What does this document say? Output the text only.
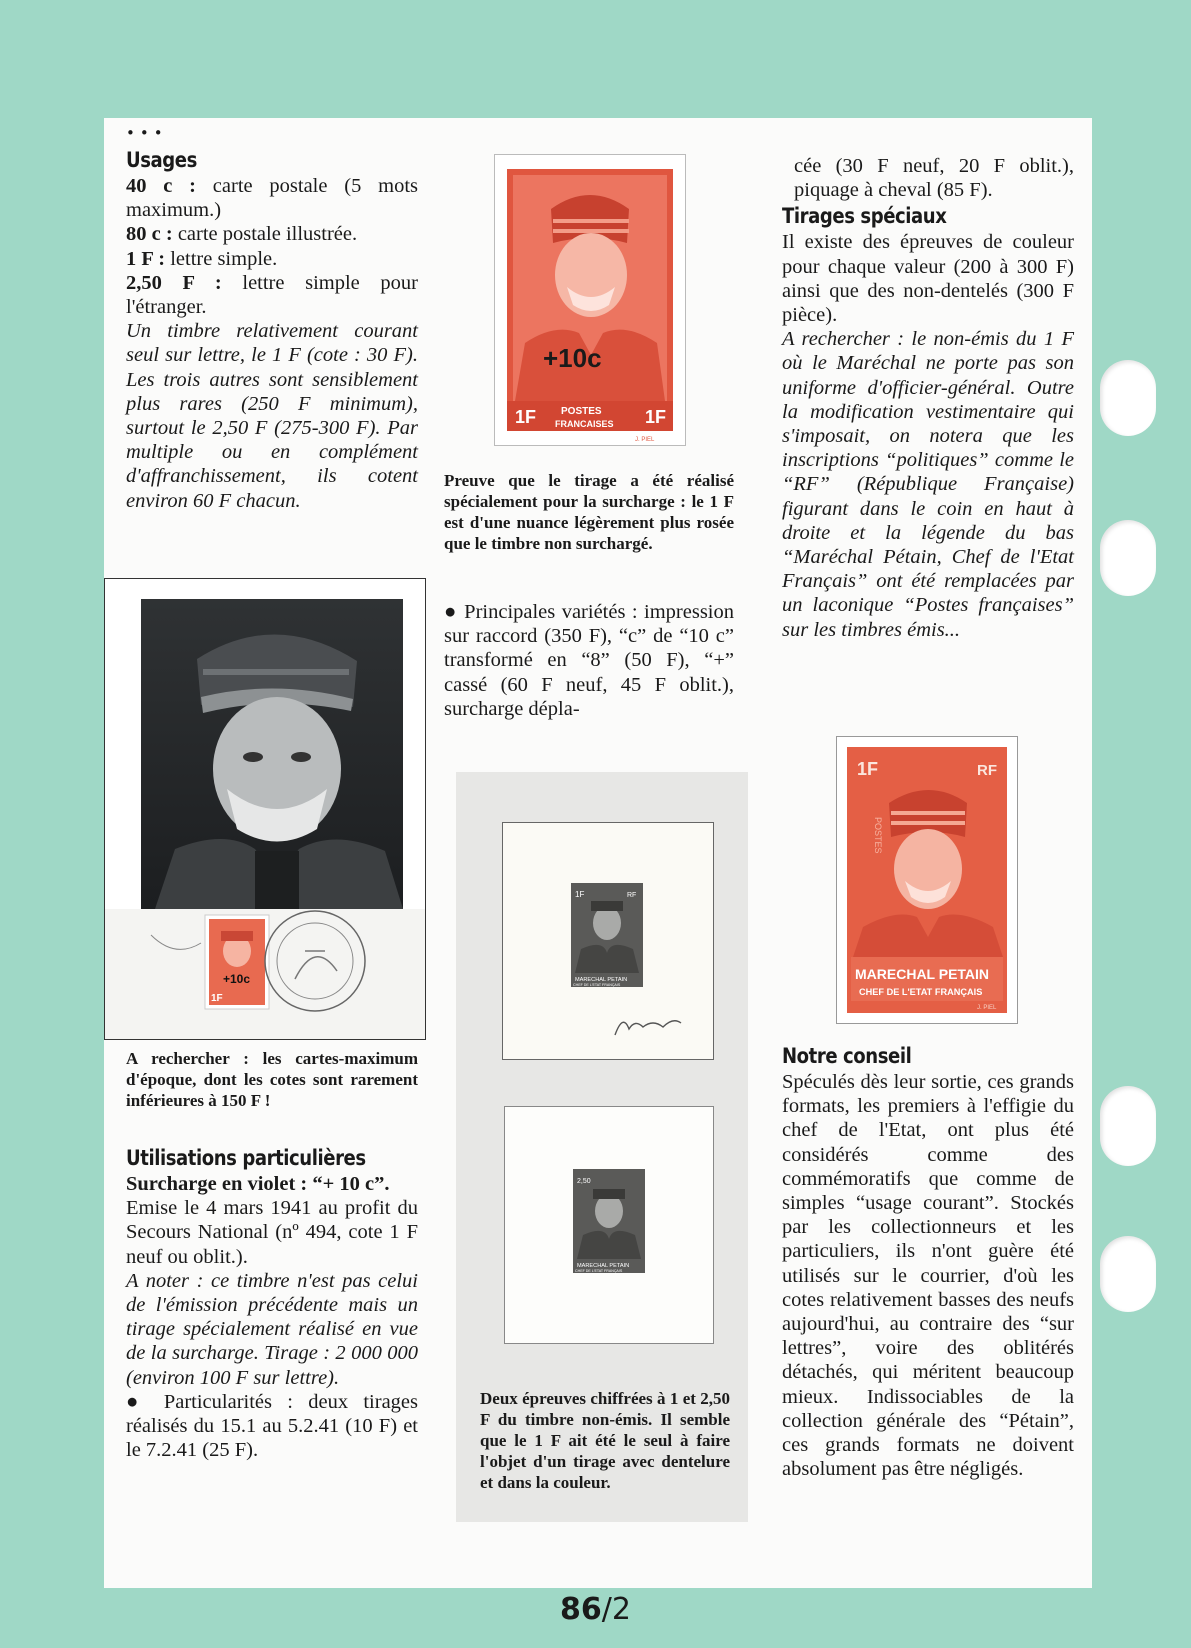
•••
Usages

40 c : carte postale (5 mots maximum.)

80 c : carte postale illustrée.

1 F : lettre simple.

2,50 F : lettre simple pour l'étranger.

Un timbre relativement courant seul sur lettre, le 1 F (cote : 30 F). Les trois autres sont sensiblement plus rares (250 F minimum), surtout le 2,50 F (275-300 F). Par multiple ou en complément d'affranchissement, ils cotent environ 60 F chacun.

+10c
1F
A rechercher : les cartes-maximum d'époque, dont les cotes sont rarement inférieures à 150 F !
Utilisations particulières

Surcharge en violet : “+ 10 c”.

Emise le 4 mars 1941 au profit du Secours National (nº 494, cote 1 F neuf ou oblit.).

A noter : ce timbre n'est pas celui de l'émission précédente mais un tirage spécialement réalisé en vue de la surcharge. Tirage : 2 000 000 (environ 100 F sur lettre).

● Particularités : deux tirages réalisés du 15.1 au 5.2.41 (10 F) et le 7.2.41 (25 F).

+10c
1F	1F
POSTES
FRANCAISES
J. PIEL
Preuve que le tirage a été réalisé spécialement pour la surcharge : le 1 F est d'une nuance légèrement plus rosée que le timbre non surchargé.

● Principales variétés : impression sur raccord (350 F), “c” de “10 c” transformé en “8” (50 F), “+” cassé (60 F neuf, 45 F oblit.), surcharge dépla-

1F	RF
MARECHAL PETAIN
CHEF DE L'ETAT FRANÇAIS
2,50
MARECHAL PETAIN
CHEF DE L'ETAT FRANÇAIS
Deux épreuves chiffrées à 1 et 2,50 F du timbre non-émis. Il semble que le 1 F ait été le seul à faire l'objet d'un tirage avec dentelure et dans la couleur.

cée (30 F neuf, 20 F oblit.), piquage à cheval (85 F).

Tirages spéciaux

Il existe des épreuves de couleur pour chaque valeur (200 à 300 F) ainsi que des non-dentelés (300 F pièce).

A rechercher : le non-émis du 1 F où le Maréchal ne porte pas son uniforme d'officier-général. Outre la modification vestimentaire qui s'imposait, on notera que les inscriptions “politiques” comme le “RF” (République Française) figurant dans le coin en haut à droite et la légende du bas “Maréchal Pétain, Chef de l'Etat Français” ont été remplacées par un laconique “Postes françaises” sur les timbres émis...

1F	RF
POSTES
MARECHAL PETAIN
CHEF DE L'ETAT FRANÇAIS
J. PIEL
Notre conseil

Spéculés dès leur sortie, ces grands formats, les premiers à l'effigie du chef de l'Etat, ont plus été considérés comme des commémoratifs que comme de simples “usage courant”. Stockés par les collectionneurs et les particuliers, ils n'ont guère été utilisés sur le courrier, d'où les cotes relativement basses des neufs aujourd'hui, au contraire des “sur lettres”, voire des oblitérés détachés, qui méritent beaucoup mieux. Indissociables de la collection générale des “Pétain”, ces grands formats ne doivent absolument pas être négligés.

86/2
